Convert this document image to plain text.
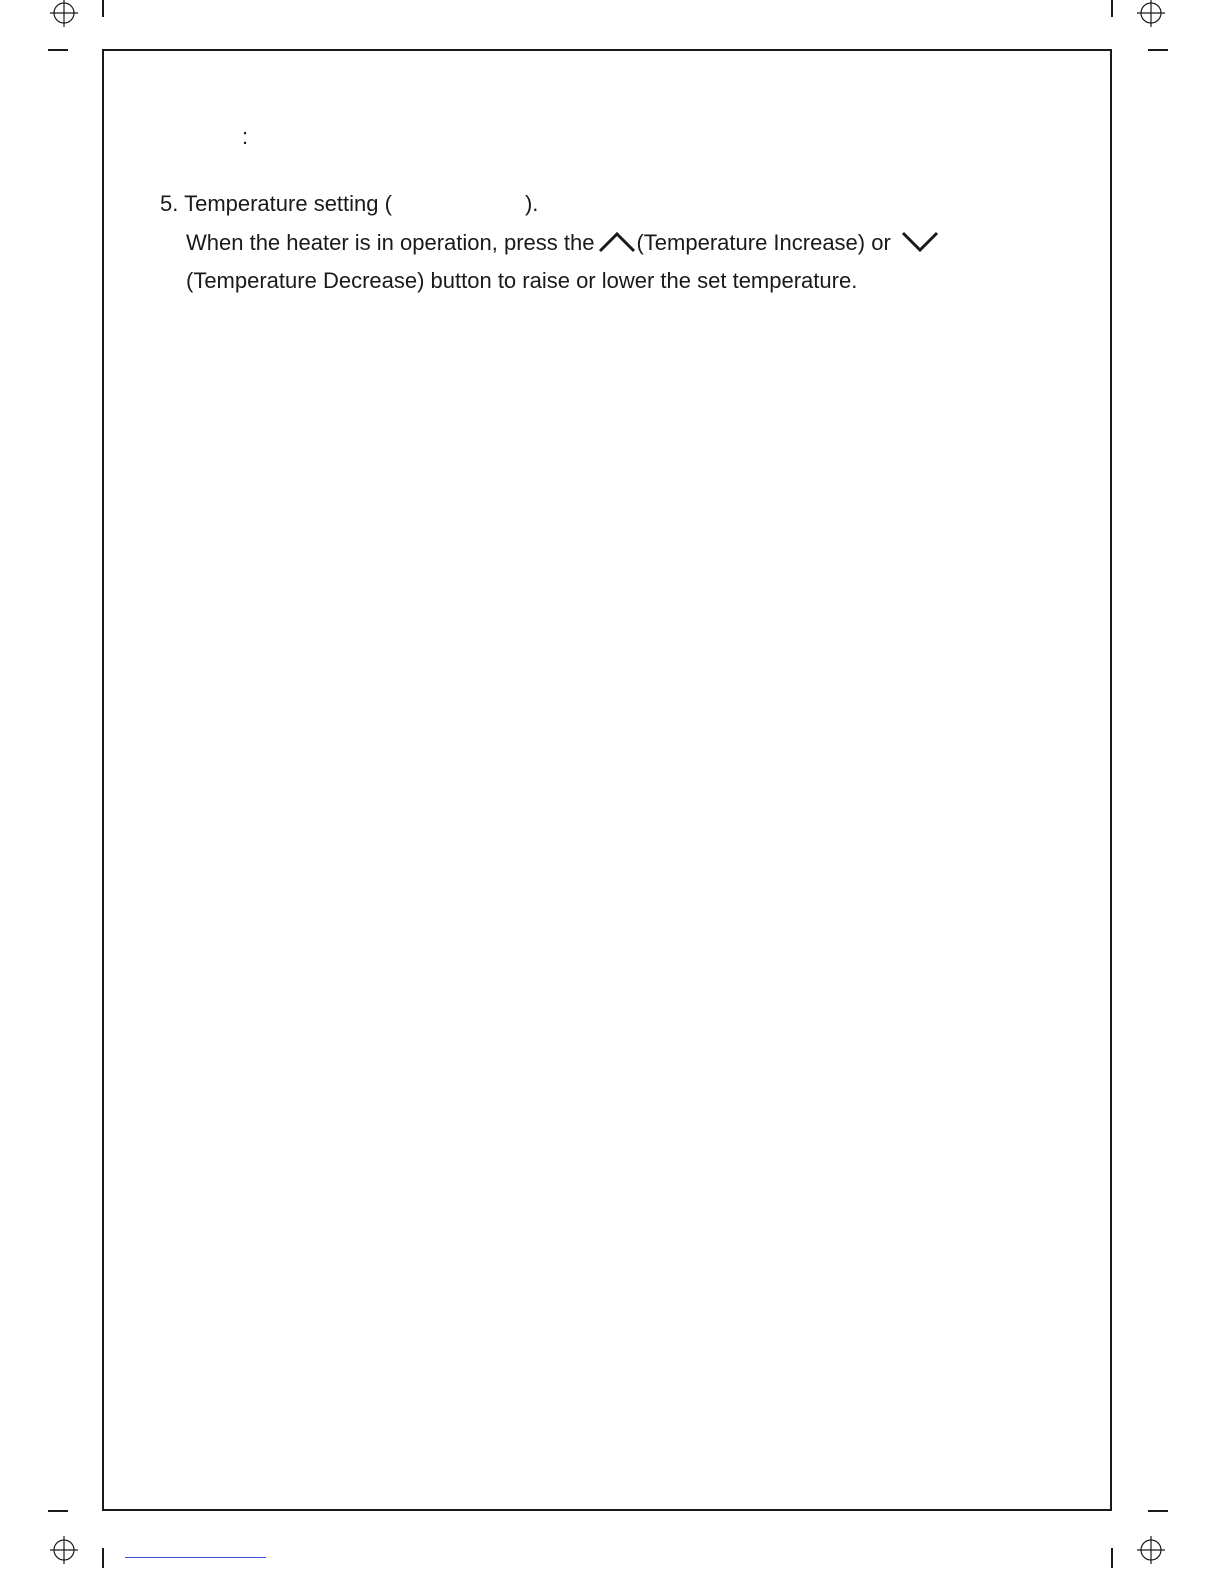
:
5. Temperature setting (	).
When the heater is in operation, press the (Temperature Increase) or
(Temperature Decrease) button to raise or lower the set temperature.
